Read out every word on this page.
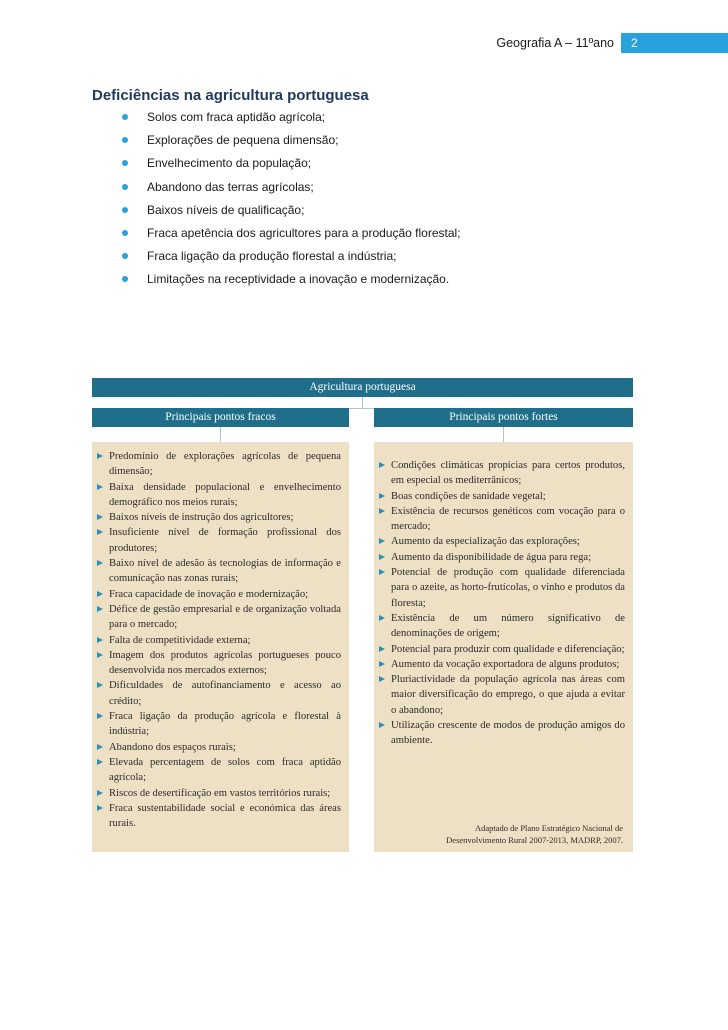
Geografia A – 11ºano	2
Deficiências na agricultura portuguesa
Solos com fraca aptidão agrícola;
Explorações de pequena dimensão;
Envelhecimento da população;
Abandono das terras agrícolas;
Baixos níveis de qualificação;
Fraca apetência dos agricultores para a produção florestal;
Fraca ligação da produção florestal a indústria;
Limitações na receptividade a inovação e modernização.
Agricultura portuguesa
Principais pontos fracos	Principais pontos fortes
Predomínio de explorações agrícolas de pequena dimensão;
Baixa densidade populacional e envelhecimento demográfico nos meios rurais;
Baixos níveis de instrução dos agricultores;
Insuficiente nível de formação profissional dos produtores;
Baixo nível de adesão às tecnologias de informação e comunicação nas zonas rurais;
Fraca capacidade de inovação e modernização;
Défice de gestão empresarial e de organização voltada para o mercado;
Falta de competitividade externa;
Imagem dos produtos agrícolas portugueses pouco desenvolvida nos mercados externos;
Dificuldades de autofinanciamento e acesso ao crédito;
Fraca ligação da produção agrícola e florestal à indústria;
Abandono dos espaços rurais;
Elevada percentagem de solos com fraca aptidão agrícola;
Riscos de desertificação em vastos territórios rurais;
Fraca sustentabilidade social e económica das áreas rurais.
Condições climáticas propícias para certos produtos, em especial os mediterrânicos;
Boas condições de sanidade vegetal;
Existência de recursos genéticos com vocação para o mercado;
Aumento da especialização das explorações;
Aumento da disponibilidade de água para rega;
Potencial de produção com qualidade diferenciada para o azeite, as horto-frutícolas, o vinho e produtos da floresta;
Existência de um número significativo de denominações de origem;
Potencial para produzir com qualidade e diferenciação;
Aumento da vocação exportadora de alguns produtos;
Pluriactividade da população agrícola nas áreas com maior diversificação do emprego, o que ajuda a evitar o abandono;
Utilização crescente de modos de produção amigos do ambiente.
Adaptado de Plano Estratégico Nacional de
Desenvolvimento Rural 2007-2013, MADRP, 2007.
